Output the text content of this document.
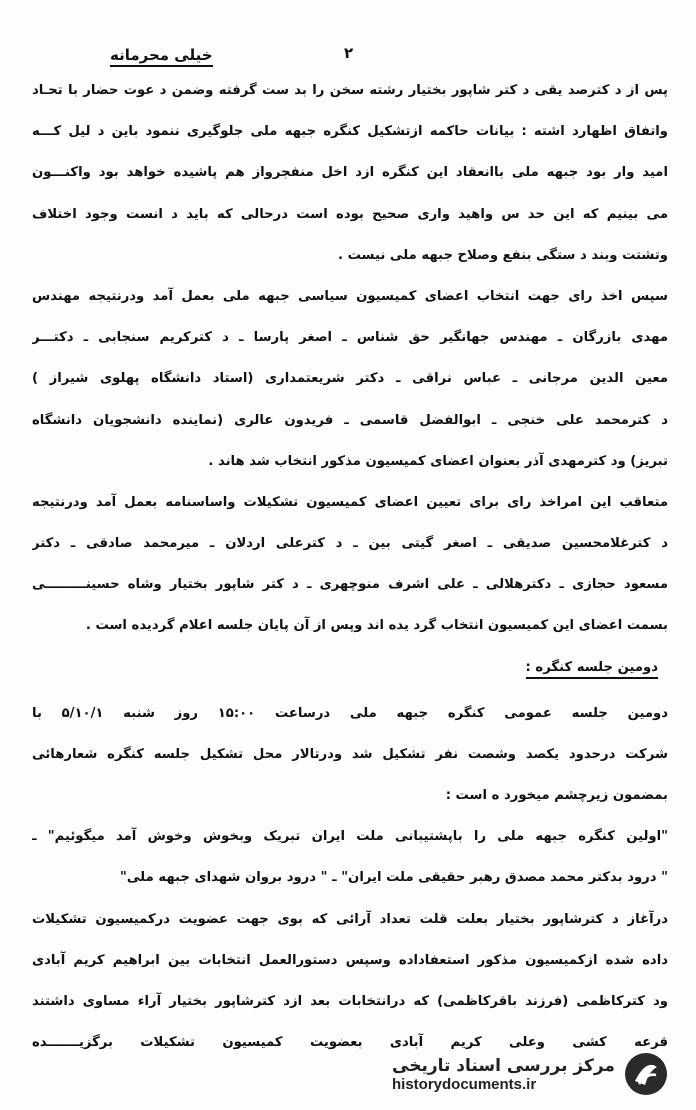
خیلی محرمانه	۲
پس از د کترصد یقی د کتر شاپور بختیار رشته سخن را بد ست گرفته وضمن د عوت حضار با تحـاد
واتفاق اظهارد اشته : بیانات حاکمه ازتشکیل کنگره جبهه ملی جلوگیری ننمود باین د لیل کـــه
امید وار بود جبهه ملی باانعقاد این کنگره ازد اخل منفجرواز هم پاشیده خواهد بود واکنـــون
می بینیم که این حد س واهید واری صحیح بوده است درحالی که باید د انست وجود اختلاف
وتشتت وبند د ستگی بنفع وصلاح جبهه ملی نیست .
سپس اخذ رای جهت انتخاب اعضای کمیسیون سیاسی جبهه ملی بعمل آمد ودرنتیجه مهندس
مهدی بازرگان ـ مهندس جهانگیر حق شناس ـ اصغر پارسا ـ د کترکریم سنجابی ـ دکتـــر
معین الدین مرجانی ـ عباس نراقی ـ دکتر شریعتمداری (استاد دانشگاه پهلوی شیراز )
د کترمحمد علی خنجی ـ ابوالفضل قاسمی ـ فریدون عالری (نماینده دانشجویان دانشگاه
تبریز) ود کترمهدی آذر بعنوان اعضای کمیسیون مذکور انتخاب شد هاند .
متعاقب این امراخذ رای برای تعیین اعضای کمیسیون تشکیلات واساسنامه بعمل آمد ودرنتیجه
د کترغلامحسین صدیقی ـ اصغر گیتی بین ـ د کترعلی اردلان ـ میرمحمد صادقی ـ دکتر
مسعود حجازی ـ دکترهلالی ـ علی اشرف منوچهری ـ د کتر شاپور بختیار وشاه حسینـــــــــی
بسمت اعضای این کمیسیون انتخاب گرد یده اند وپس از آن پایان جلسه اعلام گردیده است .
دومین جلسه کنگره :
دومین جلسه عمومی کنگره جبهه ملی درساعت ۱۵:۰۰ روز شنبه ۵/۱۰/۱ با
شرکت درحدود یکصد وشصت نفر تشکیل شد ودرتالار محل تشکیل جلسه کنگره شعارهائی
بمضمون زیرچشم میخورد ه است :
"اولین کنگره جبهه ملی را باپشتیبانی ملت ایران تبریک وبخوش وخوش آمد میگوئیم" ـ
" درود بدکتر محمد مصدق رهبر حقیقی ملت ایران" ـ " درود بروان شهدای جبهه ملی"
درآغاز د کترشاپور بختیار بعلت قلت تعداد آرائی که بوی جهت عضویت درکمیسیون تشکیلات
داده شده ازکمیسیون مذکور استعفاداده وسپس دستورالعمل انتخابات بین ابراهیم کریم آبادی
ود کترکاظمی (فرزند باقرکاظمی) که درانتخابات بعد ازد کترشاپور بختیار آراء مساوی داشتند
قرعه کشی وعلی کریم آبادی بعضویت کمیسیون تشکیلات برگزیـــــــده
مرکز بررسی اسناد تاریخی
historydocuments.ir
